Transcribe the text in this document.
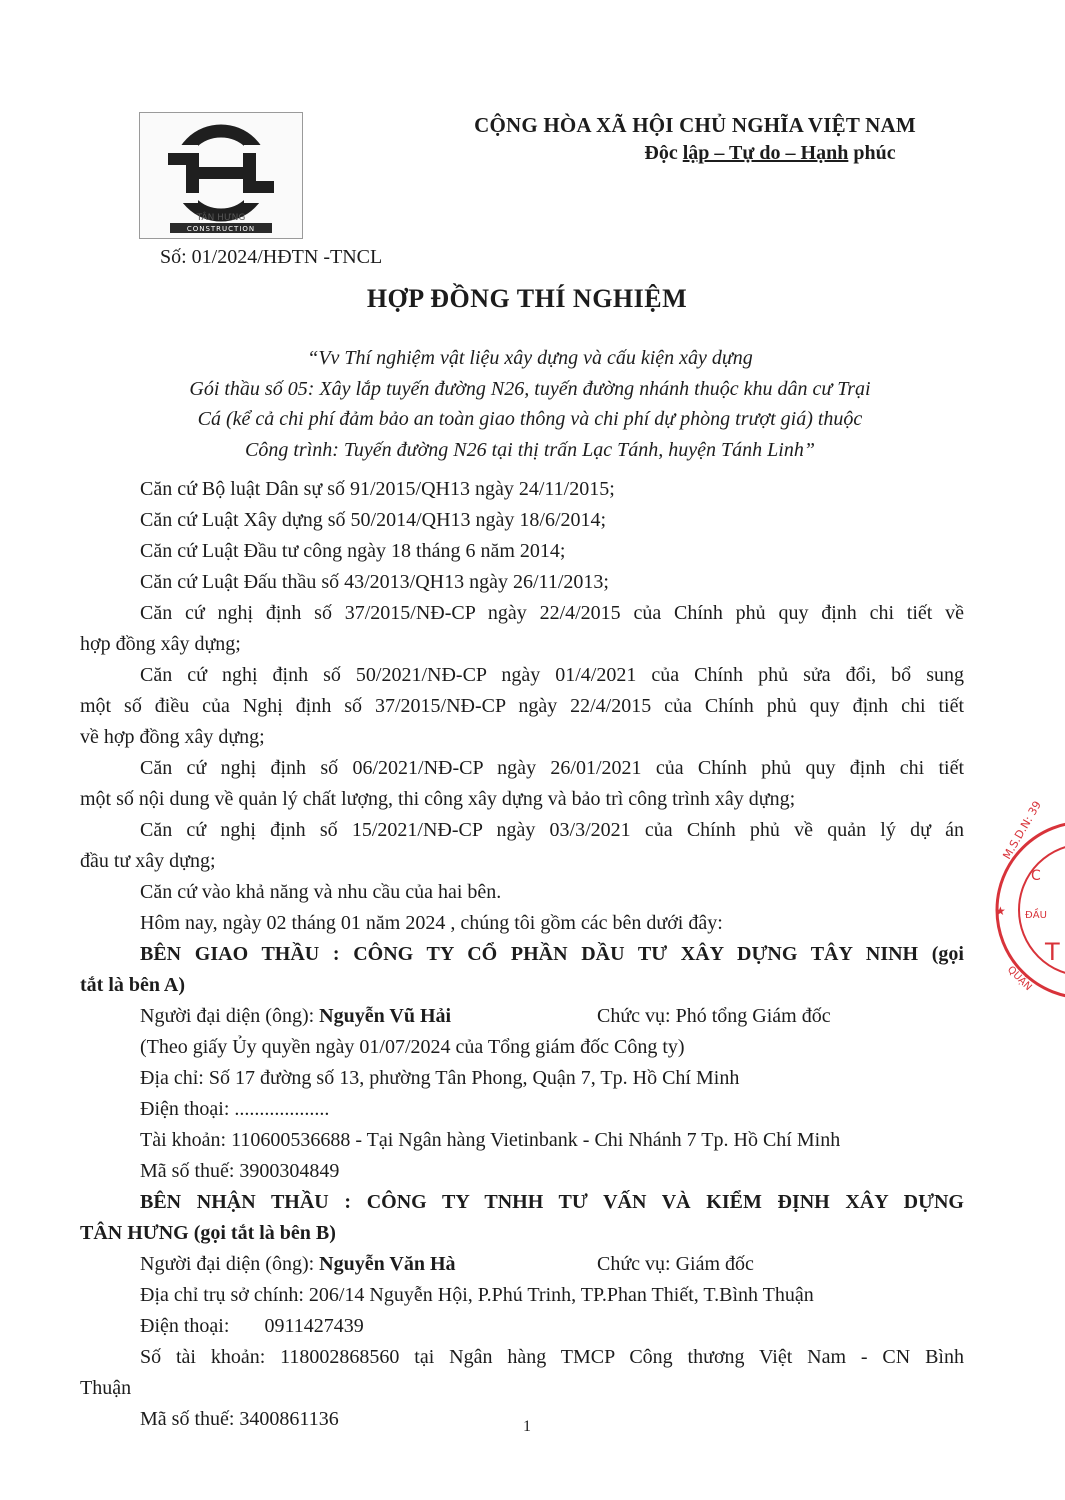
TÂN HƯNG
CONSTRUCTION
CỘNG HÒA XÃ HỘI CHỦ NGHĨA VIỆT NAM
Độc lập – Tự do – Hạnh phúc
Số: 01/2024/HĐTN -TNCL
HỢP ĐỒNG THÍ NGHIỆM
“Vv Thí nghiệm vật liệu xây dựng và cấu kiện xây dựng
Gói thầu số 05: Xây lắp tuyến đường N26, tuyến đường nhánh thuộc khu dân cư Trại
Cá (kể cả chi phí đảm bảo an toàn giao thông và chi phí dự phòng trượt giá) thuộc
Công trình: Tuyến đường N26 tại thị trấn Lạc Tánh, huyện Tánh Linh”
Căn cứ Bộ luật Dân sự số 91/2015/QH13 ngày 24/11/2015;
Căn cứ Luật Xây dựng số 50/2014/QH13 ngày 18/6/2014;
Căn cứ Luật Đầu tư công ngày 18 tháng 6 năm 2014;
Căn cứ Luật Đấu thầu số 43/2013/QH13 ngày 26/11/2013;
Căn cứ nghị định số 37/2015/NĐ-CP ngày 22/4/2015 của Chính phủ quy định chi tiết về
hợp đồng xây dựng;
Căn cứ nghị định số 50/2021/NĐ-CP ngày 01/4/2021 của Chính phủ sửa đổi, bổ sung
một số điều của Nghị định số 37/2015/NĐ-CP ngày 22/4/2015 của Chính phủ quy định chi tiết
về hợp đồng xây dựng;
Căn cứ nghị định số 06/2021/NĐ-CP ngày 26/01/2021 của Chính phủ quy định chi tiết
một số nội dung về quản lý chất lượng, thi công xây dựng và bảo trì công trình xây dựng;
Căn cứ nghị định số 15/2021/NĐ-CP ngày 03/3/2021 của Chính phủ về quản lý dự án
đầu tư xây dựng;
Căn cứ vào khả năng và nhu cầu của hai bên.
Hôm nay, ngày 02 tháng 01 năm 2024 , chúng tôi gồm các bên dưới đây:
BÊN GIAO THẦU : CÔNG TY CỔ PHẦN DẦU TƯ XÂY DỰNG TÂY NINH (gọi
tắt là bên A)
Người đại diện (ông): Nguyễn Vũ Hải	Chức vụ: Phó tổng Giám đốc
(Theo giấy Ủy quyền ngày 01/07/2024 của Tổng giám đốc Công ty)
Địa chỉ: Số 17 đường số 13, phường Tân Phong, Quận 7, Tp. Hồ Chí Minh
Điện thoại: ...................
Tài khoản: 110600536688 - Tại Ngân hàng Vietinbank - Chi Nhánh 7 Tp. Hồ Chí Minh
Mã số thuế: 3900304849
BÊN NHẬN THẦU : CÔNG TY TNHH TƯ VẤN VÀ KIỂM ĐỊNH XÂY DỰNG
TÂN HƯNG (gọi tắt là bên B)
Người đại diện (ông): Nguyễn Văn Hà	Chức vụ: Giám đốc
Địa chỉ trụ sở chính: 206/14 Nguyễn Hội, P.Phú Trinh, TP.Phan Thiết, T.Bình Thuận
Điện thoại: 0911427439
Số tài khoản: 118002868560 tại Ngân hàng TMCP Công thương Việt Nam - CN Bình
Thuận
Mã số thuế: 3400861136	1
M.S.D.N: 39
C
ĐẦU
T
QUẬN
★
